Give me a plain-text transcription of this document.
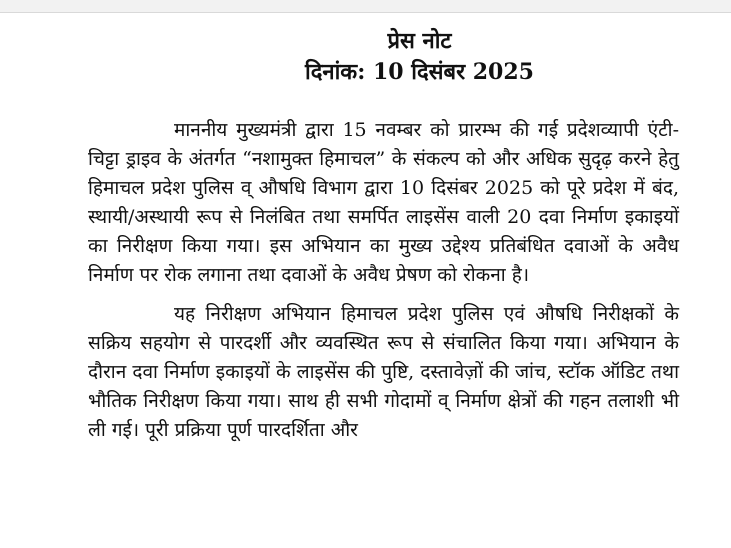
प्रेस नोट
दिनांक: 10 दिसंबर 2025

माननीय मुख्यमंत्री द्वारा 15 नवम्बर को प्रारम्भ की गई प्रदेशव्यापी एंटी-चिट्टा ड्राइव के अंतर्गत “नशामुक्त हिमाचल” के संकल्प को और अधिक सुदृढ़ करने हेतु हिमाचल प्रदेश पुलिस व् औषधि विभाग द्वारा 10 दिसंबर 2025 को पूरे प्रदेश में बंद, स्थायी/अस्थायी रूप से निलंबित तथा समर्पित लाइसेंस वाली 20 दवा निर्माण इकाइयों का निरीक्षण किया गया। इस अभियान का मुख्य उद्देश्य प्रतिबंधित दवाओं के अवैध निर्माण पर रोक लगाना तथा दवाओं के अवैध प्रेषण को रोकना है।

यह निरीक्षण अभियान हिमाचल प्रदेश पुलिस एवं औषधि निरीक्षकों के सक्रिय सहयोग से पारदर्शी और व्यवस्थित रूप से संचालित किया गया। अभियान के दौरान दवा निर्माण इकाइयों के लाइसेंस की पुष्टि, दस्तावेज़ों की जांच, स्टॉक ऑडिट तथा भौतिक निरीक्षण किया गया। साथ ही सभी गोदामों व् निर्माण क्षेत्रों की गहन तलाशी भी ली गई। पूरी प्रक्रिया पूर्ण पारदर्शिता और
